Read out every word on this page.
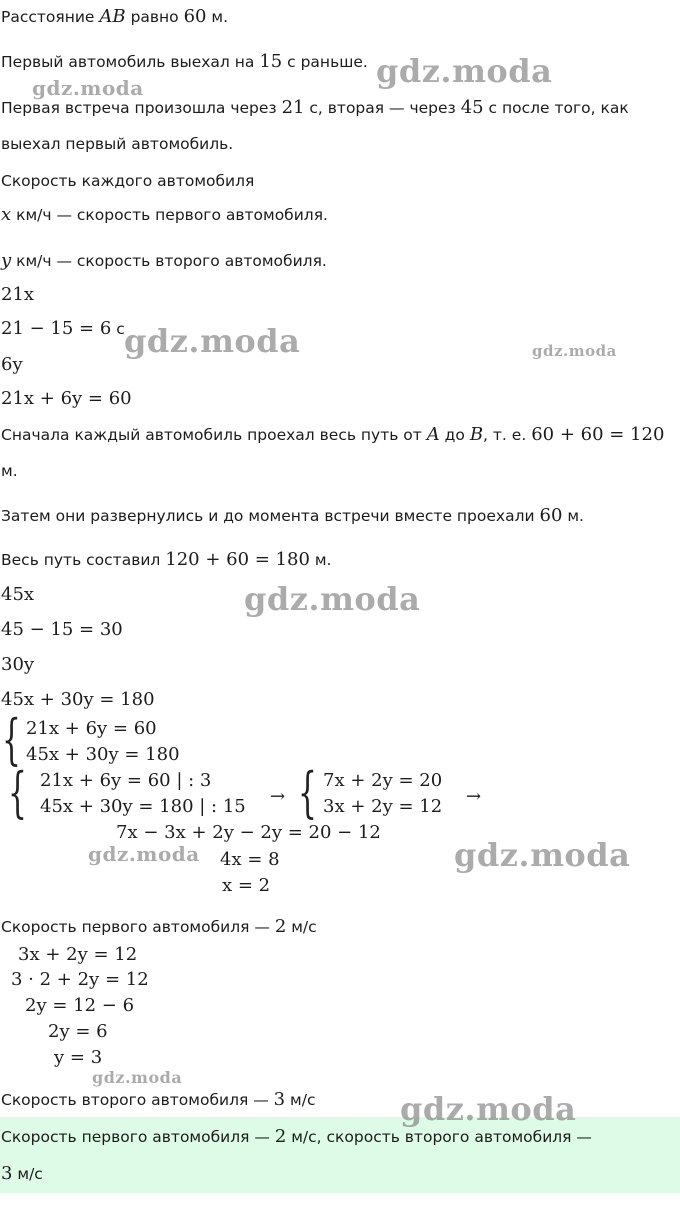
Расстояние AB равно 60 м.
Первый автомобиль выехал на 15 с раньше.
Первая встреча произошла через 21 с, вторая — через 45 с после того, как
выехал первый автомобиль.
Скорость каждого автомобиля
x км/ч — скорость первого автомобиля.
y км/ч — скорость второго автомобиля.
21x
21 − 15 = 6 с
6y
21x + 6y = 60
Сначала каждый автомобиль проехал весь путь от A до B, т. е. 60 + 60 = 120
м.
Затем они развернулись и до момента встречи вместе проехали 60 м.
Весь путь составил 120 + 60 = 180 м.
45x
45 − 15 = 30
30y
45x + 30y = 180
{ 21x + 6y = 60
45x + 30y = 180
{ 21x + 6y = 60 | : 3
45x + 30y = 180 | : 15 → { 7x + 2y = 20
3x + 2y = 12 →
7x − 3x + 2y − 2y = 20 − 12
4x = 8
x = 2
Скорость первого автомобиля — 2 м/с
3x + 2y = 12
3 · 2 + 2y = 12
2y = 12 − 6
2y = 6
y = 3
Скорость второго автомобиля — 3 м/с
Скорость первого автомобиля — 2 м/с, скорость второго автомобиля —
3 м/с
gdz.moda
gdz.moda
gdz.moda	gdz.moda
gdz.moda
gdz.moda	gdz.moda
gdz.moda
gdz.moda
